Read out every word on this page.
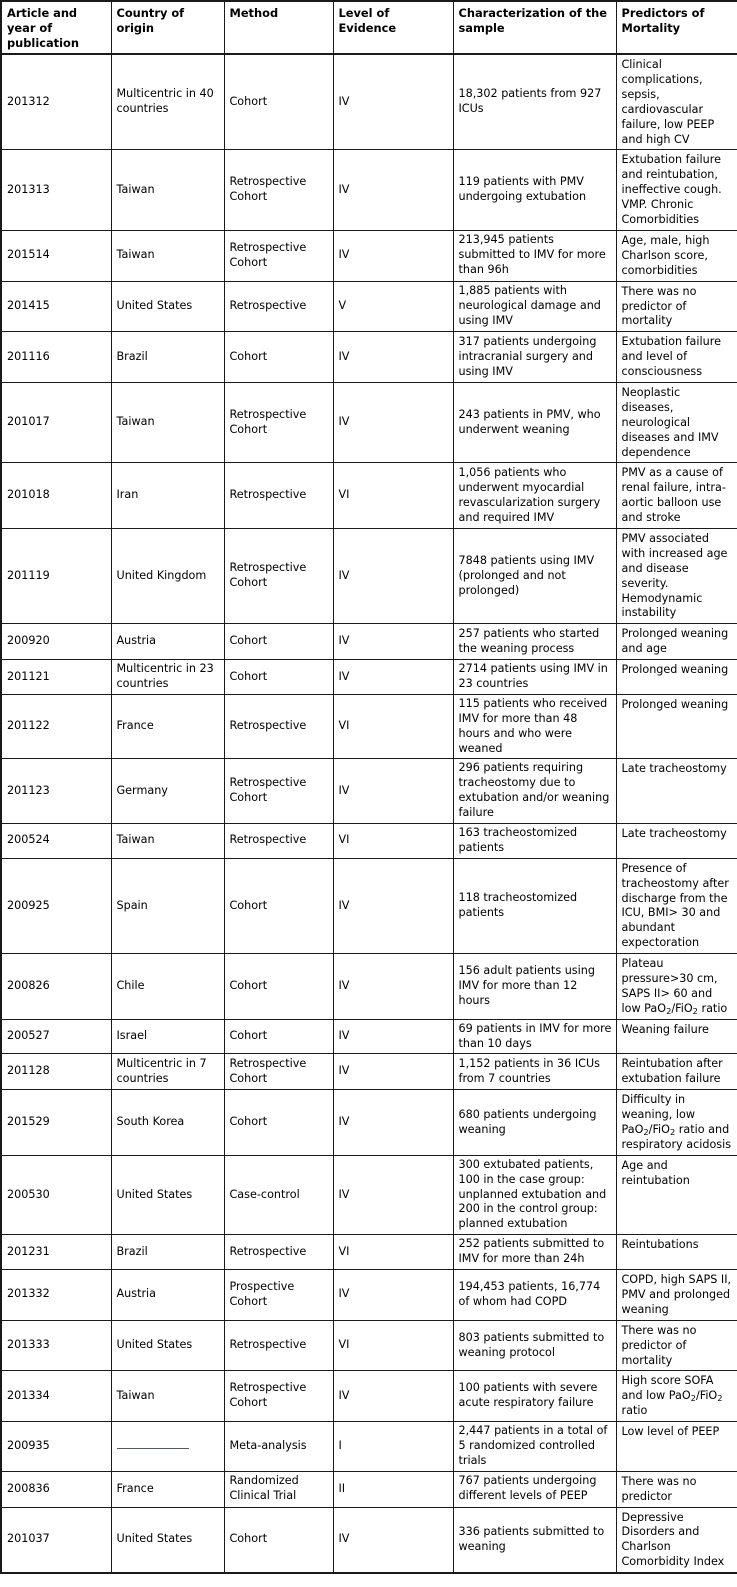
Article and year of publication	Country of origin	Method	Level of Evidence	Characterization of the sample	Predictors of Mortality
201312	Multicentric in 40 countries	Cohort	IV	18,302 patients from 927 ICUs	Clinical complications, sepsis, cardiovascular failure, low PEEP and high CV
201313	Taiwan	Retrospective Cohort	IV	119 patients with PMV undergoing extubation	Extubation failure and reintubation, ineffective cough. VMP. Chronic Comorbidities
201514	Taiwan	Retrospective Cohort	IV	213,945 patients submitted to IMV for more than 96h	Age, male, high Charlson score, comorbidities
201415	United States	Retrospective	V	1,885 patients with neurological damage and using IMV	There was no predictor of mortality
201116	Brazil	Cohort	IV	317 patients undergoing intracranial surgery and using IMV	Extubation failure and level of consciousness
201017	Taiwan	Retrospective Cohort	IV	243 patients in PMV, who underwent weaning	Neoplastic diseases, neurological diseases and IMV dependence
201018	Iran	Retrospective	VI	1,056 patients who underwent myocardial revascularization surgery and required IMV	PMV as a cause of renal failure, intra-aortic balloon use and stroke
201119	United Kingdom	Retrospective Cohort	IV	7848 patients using IMV (prolonged and not prolonged)	PMV associated with increased age and disease severity. Hemodynamic instability
200920	Austria	Cohort	IV	257 patients who started the weaning process	Prolonged weaning and age
201121	Multicentric in 23 countries	Cohort	IV	2714 patients using IMV in 23 countries	Prolonged weaning
201122	France	Retrospective	VI	115 patients who received IMV for more than 48 hours and who were weaned	Prolonged weaning
201123	Germany	Retrospective Cohort	IV	296 patients requiring tracheostomy due to extubation and/or weaning failure	Late tracheostomy
200524	Taiwan	Retrospective	VI	163 tracheostomized patients	Late tracheostomy
200925	Spain	Cohort	IV	118 tracheostomized patients	Presence of tracheostomy after discharge from the ICU, BMI> 30 and abundant expectoration
200826	Chile	Cohort	IV	156 adult patients using IMV for more than 12 hours	Plateau pressure>30 cm, SAPS II> 60 and low PaO$_2$/FiO$_2$ ratio
200527	Israel	Cohort	IV	69 patients in IMV for more than 10 days	Weaning failure
201128	Multicentric in 7 countries	Retrospective Cohort	IV	1,152 patients in 36 ICUs from 7 countries	Reintubation after extubation failure
201529	South Korea	Cohort	IV	680 patients undergoing weaning	Difficulty in weaning, low PaO$_2$/FiO$_2$ ratio and respiratory acidosis
200530	United States	Case-control	IV	300 extubated patients, 100 in the case group: unplanned extubation and 200 in the control group: planned extubation	Age and reintubation
201231	Brazil	Retrospective	VI	252 patients submitted to IMV for more than 24h	Reintubations
201332	Austria	Prospective Cohort	IV	194,453 patients, 16,774 of whom had COPD	COPD, high SAPS II, PMV and prolonged weaning
201333	United States	Retrospective	VI	803 patients submitted to weaning protocol	There was no predictor of mortality
201334	Taiwan	Retrospective Cohort	IV	100 patients with severe acute respiratory failure	High score SOFA and low PaO$_2$/FiO$_2$ ratio
200935		Meta-analysis	I	2,447 patients in a total of 5 randomized controlled trials	Low level of PEEP
200836	France	Randomized Clinical Trial	II	767 patients undergoing different levels of PEEP	There was no predictor
201037	United States	Cohort	IV	336 patients submitted to weaning	Depressive Disorders and Charlson Comorbidity Index
